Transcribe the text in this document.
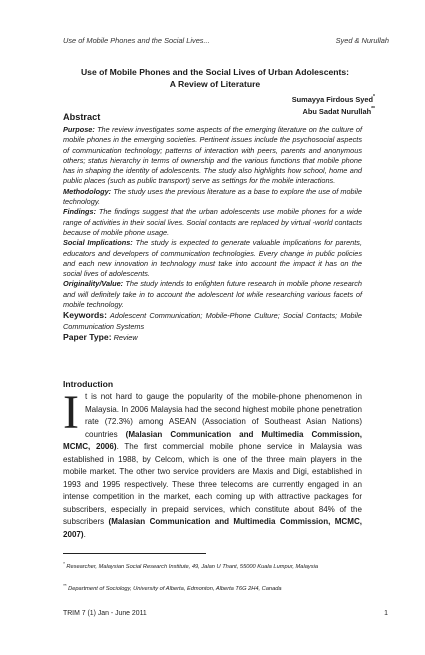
Use of Mobile Phones and the Social Lives...	Syed & Nurullah
Use of Mobile Phones and the Social Lives of Urban Adolescents:
A Review of Literature
Sumayya Firdous Syed*
Abu Sadat Nurullah**
Abstract
Purpose: The review investigates some aspects of the emerging literature on the culture of mobile phones in the emerging societies. Pertinent issues include the psychosocial aspects of communication technology; patterns of interaction with peers, parents and anonymous others; status hierarchy in terms of ownership and the various functions that mobile phone has in shaping the identity of adolescents. The study also highlights how school, home and public places (such as public transport) serve as settings for the mobile interactions.
Methodology: The study uses the previous literature as a base to explore the use of mobile technology.
Findings: The findings suggest that the urban adolescents use mobile phones for a wide range of activities in their social lives. Social contacts are replaced by virtual -world contacts because of mobile phone usage.
Social Implications: The study is expected to generate valuable implications for parents, educators and developers of communication technologies. Every change in public policies and each new innovation in technology must take into account the impact it has on the social lives of adolescents.
Originality/Value: The study intends to enlighten future research in mobile phone research and will definitely take in to account the adolescent lot while researching various facets of mobile technology.
Keywords: Adolescent Communication; Mobile-Phone Culture; Social Contacts; Mobile Communication Systems
Paper Type: Review
Introduction
It is not hard to gauge the popularity of the mobile-phone phenomenon in Malaysia. In 2006 Malaysia had the second highest mobile phone penetration rate (72.3%) among ASEAN (Association of Southeast Asian Nations) countries (Malasian Communication and Multimedia Commission, MCMC, 2006). The first commercial mobile phone service in Malaysia was established in 1988, by Celcom, which is one of the three main players in the mobile market. The other two service providers are Maxis and Digi, established in 1993 and 1995 respectively. These three telecoms are currently engaged in an intense competition in the market, each coming up with attractive packages for subscribers, especially in prepaid services, which constitute about 84% of the subscribers (Malasian Communication and Multimedia Commission, MCMC, 2007).
* Researcher, Malaysian Social Research Institute, 49, Jalan U Thant, 55000 Kuala Lumpur, Malaysia
** Department of Sociology, University of Alberta, Edmonton, Alberta T6G 2H4, Canada
TRIM 7 (1) Jan - June 2011	1
